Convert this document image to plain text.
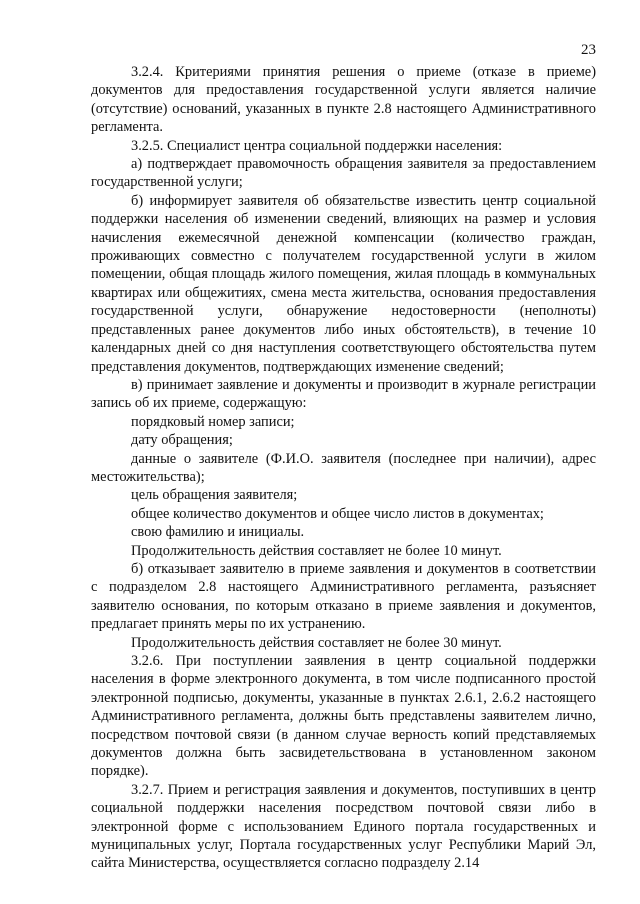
23

3.2.4. Критериями принятия решения о приеме (отказе в приеме) документов для предоставления государственной услуги является наличие (отсутствие) оснований, указанных в пункте 2.8 настоящего Административного регламента.

3.2.5. Специалист центра социальной поддержки населения:

а) подтверждает правомочность обращения заявителя за предоставлением государственной услуги;

б) информирует заявителя об обязательстве известить центр социальной поддержки населения об изменении сведений, влияющих на размер и условия начисления ежемесячной денежной компенсации (количество граждан, проживающих совместно с получателем государственной услуги в жилом помещении, общая площадь жилого помещения, жилая площадь в коммунальных квартирах или общежитиях, смена места жительства, основания предоставления государственной услуги, обнаружение недостоверности (неполноты) представленных ранее документов либо иных обстоятельств), в течение 10 календарных дней со дня наступления соответствующего обстоятельства путем представления документов, подтверждающих изменение сведений;

в) принимает заявление и документы и производит в журнале регистрации запись об их приеме, содержащую:

порядковый номер записи;

дату обращения;

данные о заявителе (Ф.И.О. заявителя (последнее при наличии), адрес местожительства);

цель обращения заявителя;

общее количество документов и общее число листов в документах;

свою фамилию и инициалы.

Продолжительность действия составляет не более 10 минут.

б) отказывает заявителю в приеме заявления и документов в соответствии с подразделом 2.8 настоящего Административного регламента, разъясняет заявителю основания, по которым отказано в приеме заявления и документов, предлагает принять меры по их устранению.

Продолжительность действия составляет не более 30 минут.

3.2.6. При поступлении заявления в центр социальной поддержки населения в форме электронного документа, в том числе подписанного простой электронной подписью, документы, указанные в пунктах 2.6.1, 2.6.2 настоящего Административного регламента, должны быть представлены заявителем лично, посредством почтовой связи (в данном случае верность копий представляемых документов должна быть засвидетельствована в установленном законом порядке).

3.2.7. Прием и регистрация заявления и документов, поступивших в центр социальной поддержки населения посредством почтовой связи либо в электронной форме с использованием Единого портала государственных и муниципальных услуг, Портала государственных услуг Республики Марий Эл, сайта Министерства, осуществляется согласно подразделу 2.14
